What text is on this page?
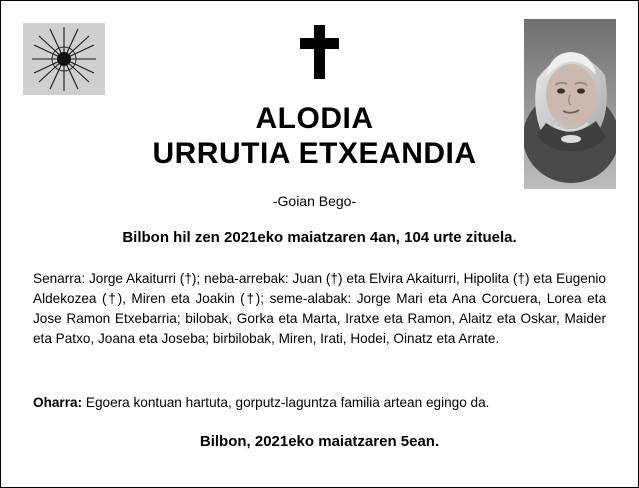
ALODIA
URRUTIA ETXEANDIA
-Goian Bego-
Bilbon hil zen 2021eko maiatzaren 4an, 104 urte zituela.
Senarra: Jorge Akaiturri (†); neba-arrebak: Juan (†) eta Elvira Akaiturri, Hipolita (†) eta Eugenio Aldekozea (†), Miren eta Joakin (†); seme-alabak: Jorge Mari eta Ana Corcuera, Lorea eta Jose Ramon Etxebarria; bilobak, Gorka eta Marta, Iratxe eta Ramon, Alaitz eta Oskar, Maider eta Patxo, Joana eta Joseba; birbilobak, Miren, Irati, Hodei, Oinatz eta Arrate.
Oharra: Egoera kontuan hartuta, gorputz-laguntza familia artean egingo da.
Bilbon, 2021eko maiatzaren 5ean.
